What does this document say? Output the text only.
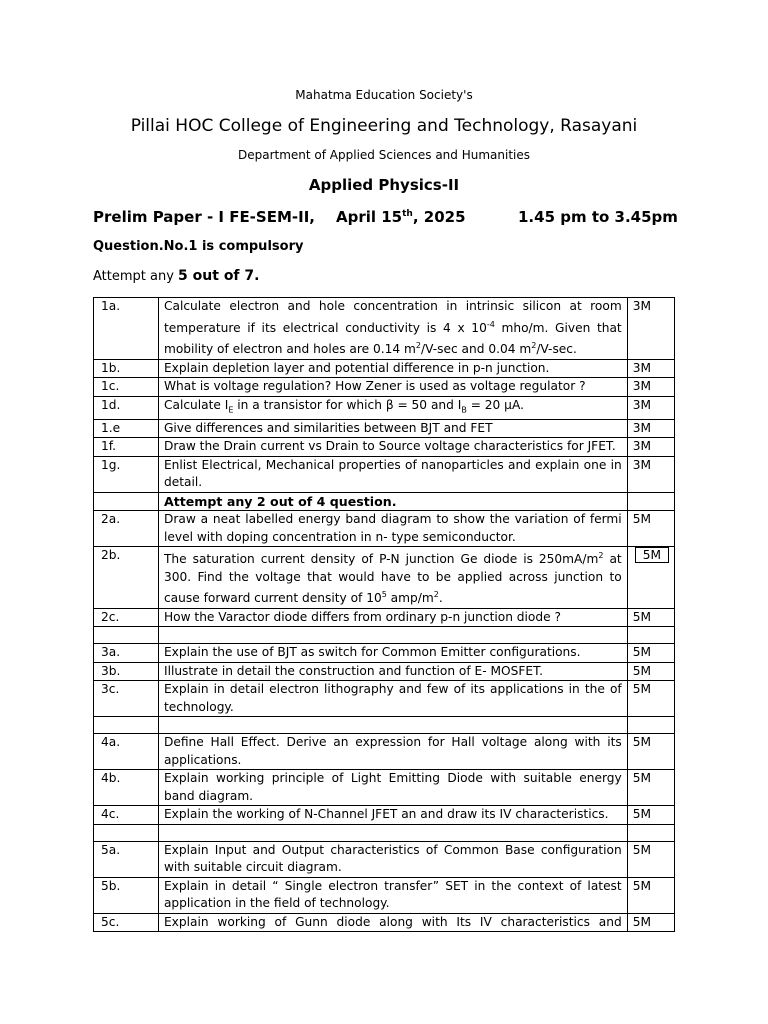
Mahatma Education Society's
Pillai HOC College of Engineering and Technology, Rasayani
Department of Applied Sciences and Humanities
Applied Physics-II
Prelim Paper - I FE-SEM-II, April 15th, 2025	1.45 pm to 3.45pm
Question.No.1 is compulsory
Attempt any 5 out of 7.
1a.	Calculate electron and hole concentration in intrinsic silicon at room temperature if its electrical conductivity is 4 x $10^{-4}$ mho/m. Given that mobility of electron and holes are 0.14 $m^2/V-\sec$ and 0.04 $m^2/V-\sec$.	3M
1b.	Explain depletion layer and potential difference in p-n junction.	3M
1c.	What is voltage regulation? How Zener is used as voltage regulator ?	3M
1d.	Calculate $I_E$ in a transistor for which β = 50 and $I_B = 20$ μA.	3M
1.e	Give differences and similarities between BJT and FET	3M
1f.	Draw the Drain current vs Drain to Source voltage characteristics for JFET.	3M
1g.	Enlist Electrical, Mechanical properties of nanoparticles and explain one in detail.	3M
	Attempt any 2 out of 4 question.	
2a.	Draw a neat labelled energy band diagram to show the variation of fermi level with doping concentration in n- type semiconductor.	5M
2b.	The saturation current density of P-N junction Ge diode is $250mA/m^2$ at 300. Find the voltage that would have to be applied across junction to cause forward current density of $10^5$ amp/$m^2$.	5M
2c.	How the Varactor diode differs from ordinary p-n junction diode ?	5M

3a.	Explain the use of BJT as switch for Common Emitter configurations.	5M
3b.	Illustrate in detail the construction and function of E- MOSFET.	5M
3c.	Explain in detail electron lithography and few of its applications in the of technology.	5M

4a.	Define Hall Effect. Derive an expression for Hall voltage along with its applications.	5M
4b.	Explain working principle of Light Emitting Diode with suitable energy band diagram.	5M
4c.	Explain the working of N-Channel JFET an and draw its IV characteristics.	5M

5a.	Explain Input and Output characteristics of Common Base configuration with suitable circuit diagram.	5M
5b.	Explain in detail “ Single electron transfer” SET in the context of latest application in the field of technology.	5M
5c.	Explain working of Gunn diode along with Its IV characteristics and	5M
